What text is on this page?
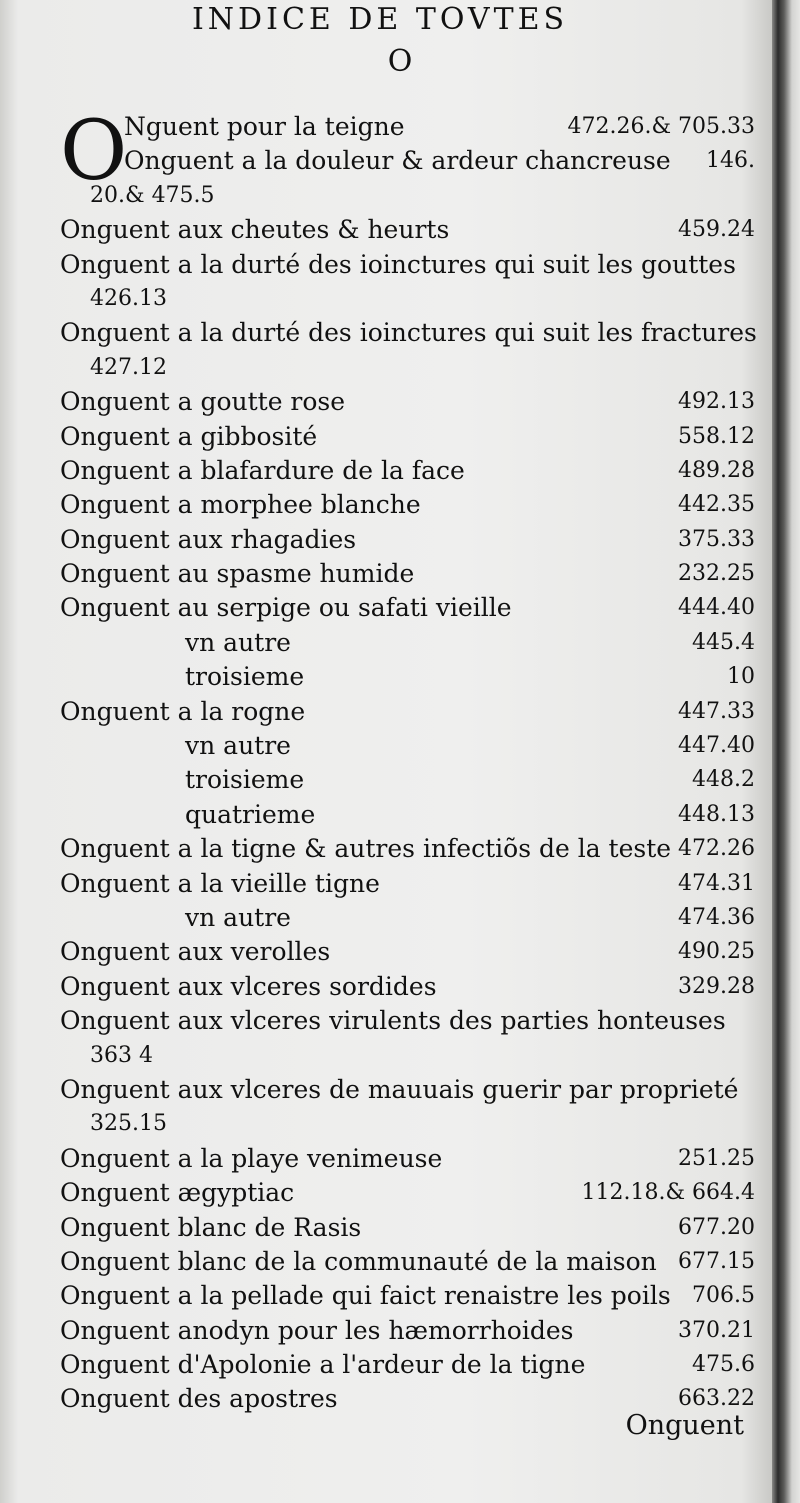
INDICE DE TOVTES
O
O
Nguent pour la teigne	472.26.& 705.33
Onguent a la douleur & ardeur chancreuse 146.
20.& 475.5
Onguent aux cheutes & heurts	459.24
Onguent a la durté des ioinctures qui suit les gouttes
426.13
Onguent a la durté des ioinctures qui suit les fractures
427.12
Onguent a goutte rose	492.13
Onguent a gibbosité	558.12
Onguent a blafardure de la face	489.28
Onguent a morphee blanche	442.35
Onguent aux rhagadies	375.33
Onguent au spasme humide	232.25
Onguent au serpige ou safati vieille	444.40
vn autre	445.4
troisieme	10
Onguent a la rogne	447.33
vn autre	447.40
troisieme	448.2
quatrieme	448.13
Onguent a la tigne & autres infectiõs de la teste 472.26
Onguent a la vieille tigne	474.31
vn autre	474.36
Onguent aux verolles	490.25
Onguent aux vlceres sordides	329.28
Onguent aux vlceres virulents des parties honteuses
363 4
Onguent aux vlceres de mauuais guerir par proprieté
325.15
Onguent a la playe venimeuse	251.25
Onguent ægyptiac	112.18.& 664.4
Onguent blanc de Rasis	677.20
Onguent blanc de la communauté de la maison 677.15
Onguent a la pellade qui faict renaistre les poils 706.5
Onguent anodyn pour les hæmorrhoides	370.21
Onguent d'Apolonie a l'ardeur de la tigne	475.6
Onguent des apostres	663.22
Onguent
